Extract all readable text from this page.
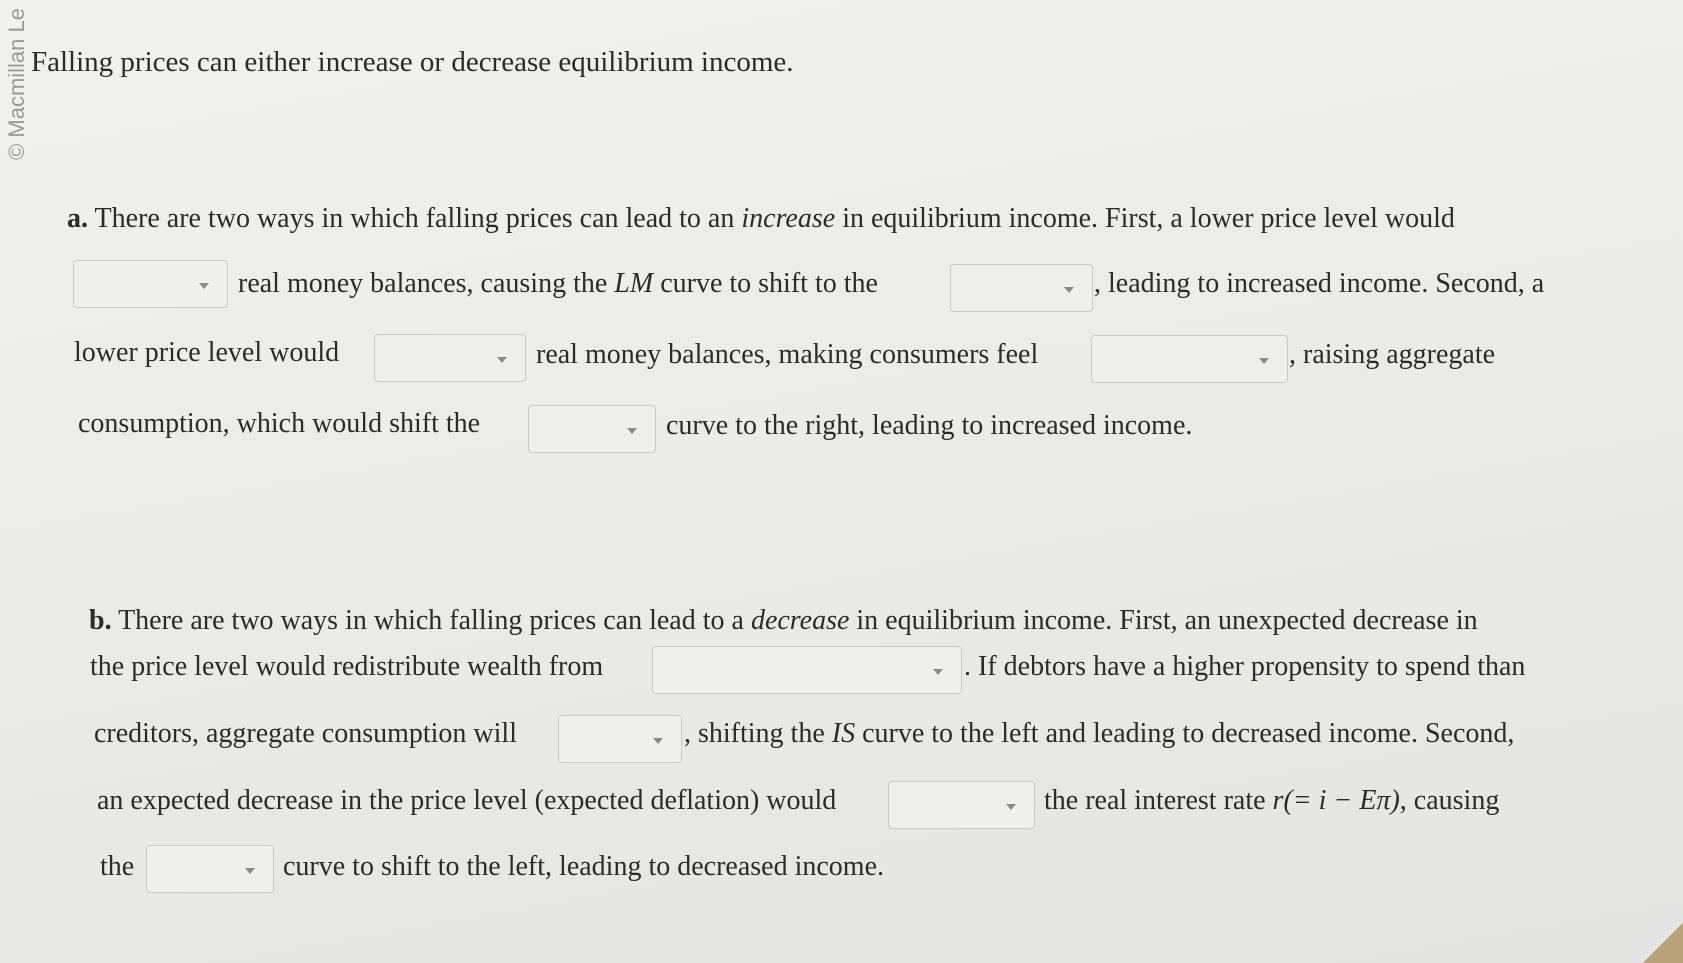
© Macmillan Le Falling prices can either increase or decrease equilibrium income.
a. There are two ways in which falling prices can lead to an increase in equilibrium income. First, a lower price level would
real money balances, causing the LM curve to shift to the	, leading to increased income. Second, a
lower price level would	real money balances, making consumers feel	, raising aggregate
consumption, which would shift the	curve to the right, leading to increased income.
b. There are two ways in which falling prices can lead to a decrease in equilibrium income. First, an unexpected decrease in
the price level would redistribute wealth from	. If debtors have a higher propensity to spend than
creditors, aggregate consumption will	, shifting the IS curve to the left and leading to decreased income. Second,
an expected decrease in the price level (expected deflation) would	the real interest rate r(= i − Eπ), causing
the	curve to shift to the left, leading to decreased income.
